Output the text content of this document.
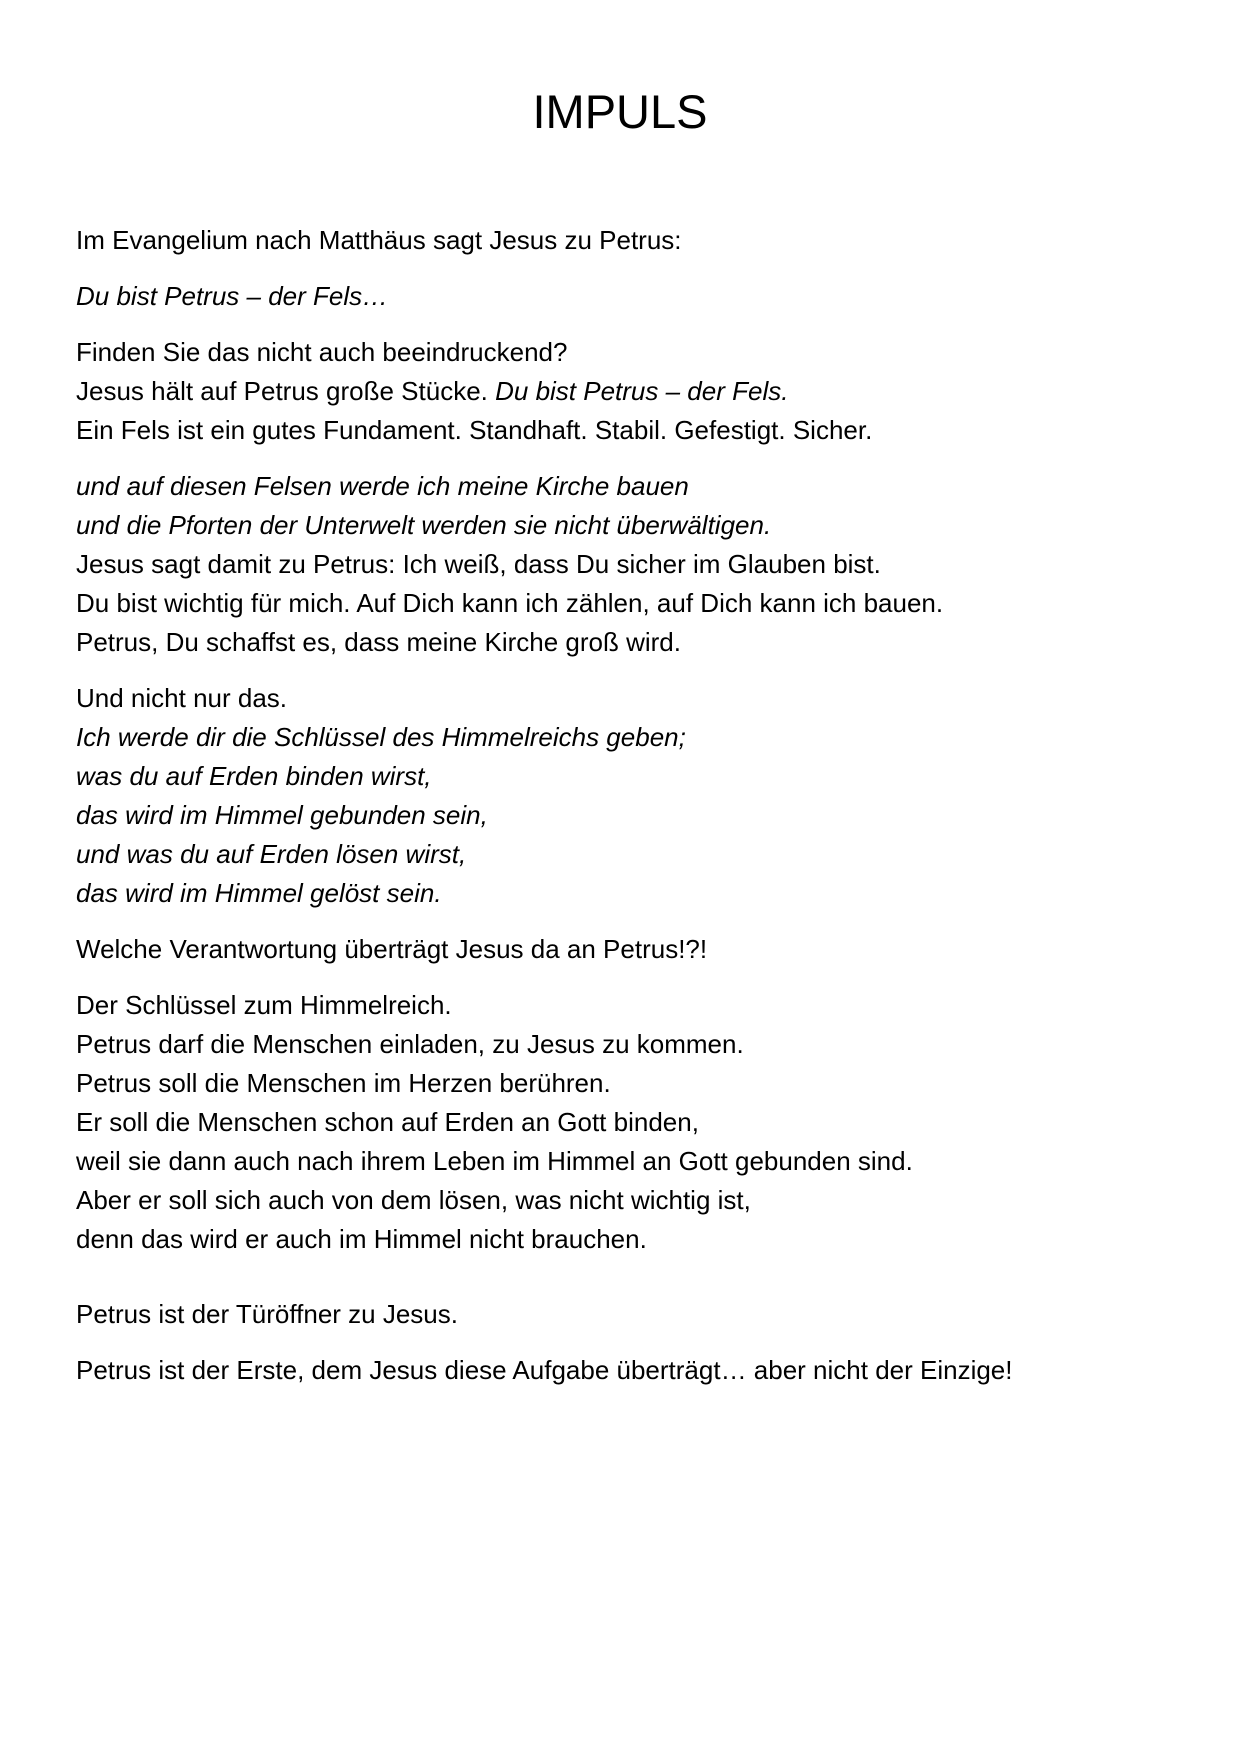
IMPULS

Im Evangelium nach Matthäus sagt Jesus zu Petrus:

Du bist Petrus – der Fels…

Finden Sie das nicht auch beeindruckend?
Jesus hält auf Petrus große Stücke. Du bist Petrus – der Fels.
Ein Fels ist ein gutes Fundament. Standhaft. Stabil. Gefestigt. Sicher.

und auf diesen Felsen werde ich meine Kirche bauen
und die Pforten der Unterwelt werden sie nicht überwältigen.
Jesus sagt damit zu Petrus: Ich weiß, dass Du sicher im Glauben bist.
Du bist wichtig für mich. Auf Dich kann ich zählen, auf Dich kann ich bauen.
Petrus, Du schaffst es, dass meine Kirche groß wird.

Und nicht nur das.
Ich werde dir die Schlüssel des Himmelreichs geben;
was du auf Erden binden wirst,
das wird im Himmel gebunden sein,
und was du auf Erden lösen wirst,
das wird im Himmel gelöst sein.

Welche Verantwortung überträgt Jesus da an Petrus!?!

Der Schlüssel zum Himmelreich.
Petrus darf die Menschen einladen, zu Jesus zu kommen.
Petrus soll die Menschen im Herzen berühren.
Er soll die Menschen schon auf Erden an Gott binden,
weil sie dann auch nach ihrem Leben im Himmel an Gott gebunden sind.
Aber er soll sich auch von dem lösen, was nicht wichtig ist,
denn das wird er auch im Himmel nicht brauchen.

Petrus ist der Türöffner zu Jesus.

Petrus ist der Erste, dem Jesus diese Aufgabe überträgt… aber nicht der Einzige!
